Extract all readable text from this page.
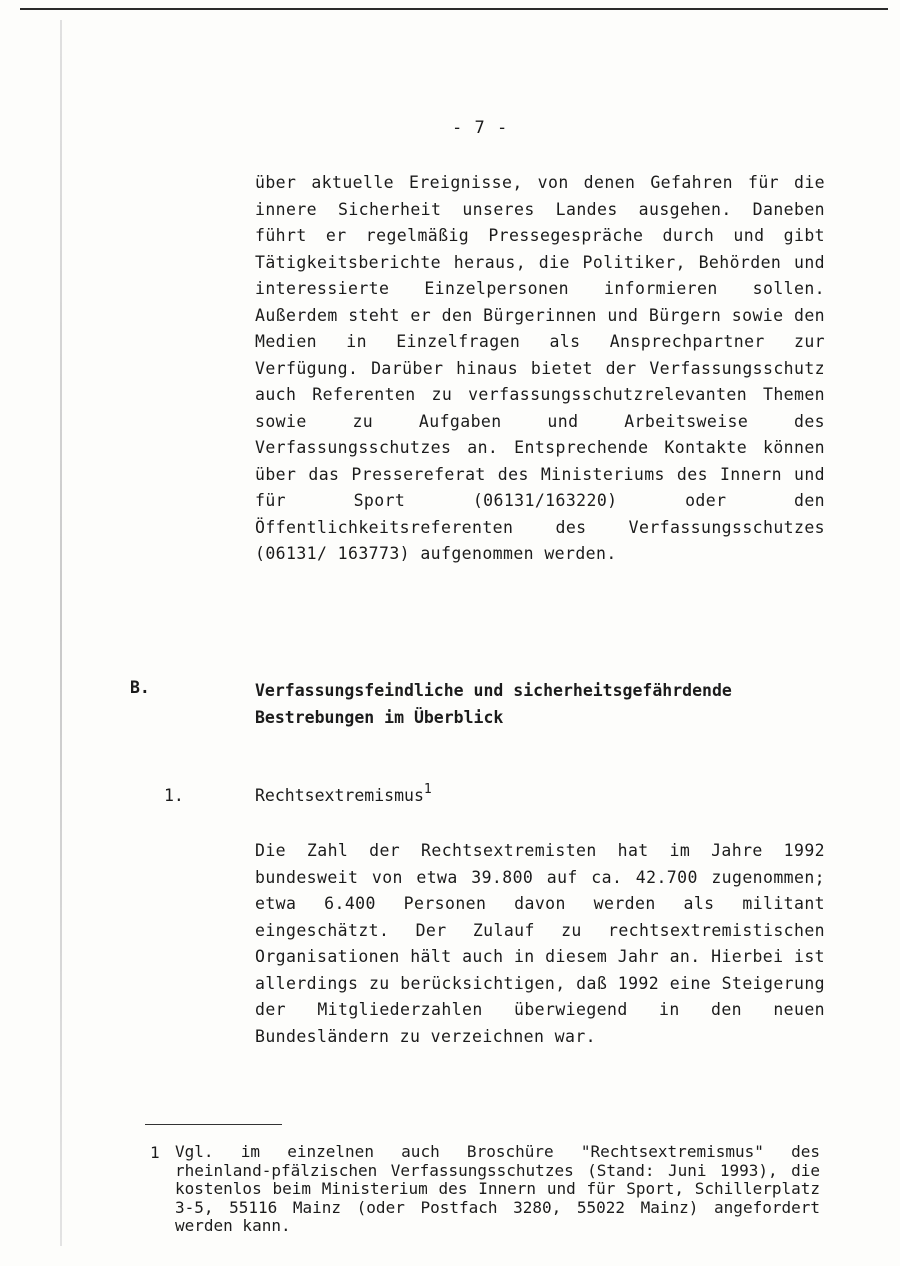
- 7 -

über aktuelle Ereignisse, von denen Gefahren für die innere Sicherheit unseres Landes ausgehen. Daneben führt er regelmäßig Pressegespräche durch und gibt Tätigkeitsberichte heraus, die Politiker, Behörden und interessierte Einzelpersonen informieren sollen. Außerdem steht er den Bürgerinnen und Bürgern sowie den Medien in Einzelfragen als Ansprechpartner zur Verfügung. Darüber hinaus bietet der Verfassungsschutz auch Referenten zu verfassungsschutzrelevanten Themen sowie zu Aufgaben und Arbeitsweise des Verfassungsschutzes an. Entsprechende Kontakte können über das Pressereferat des Ministeriums des Innern und für Sport (06131/163220) oder den Öffentlichkeitsreferenten des Verfassungsschutzes (06131/ 163773) aufgenommen werden.

B.	Verfassungsfeindliche und sicherheitsgefährdende Bestrebungen im Überblick
1.	Rechtsextremismus$^1$

Die Zahl der Rechtsextremisten hat im Jahre 1992 bundesweit von etwa 39.800 auf ca. 42.700 zugenommen; etwa 6.400 Personen davon werden als militant eingeschätzt. Der Zulauf zu rechtsextremistischen Organisationen hält auch in diesem Jahr an. Hierbei ist allerdings zu berücksichtigen, daß 1992 eine Steigerung der Mitgliederzahlen überwiegend in den neuen Bundesländern zu verzeichnen war.

1 Vgl. im einzelnen auch Broschüre "Rechtsextremismus" des rheinland-pfälzischen Verfassungsschutzes (Stand: Juni 1993), die kostenlos beim Ministerium des Innern und für Sport, Schillerplatz 3-5, 55116 Mainz (oder Postfach 3280, 55022 Mainz) angefordert werden kann.
